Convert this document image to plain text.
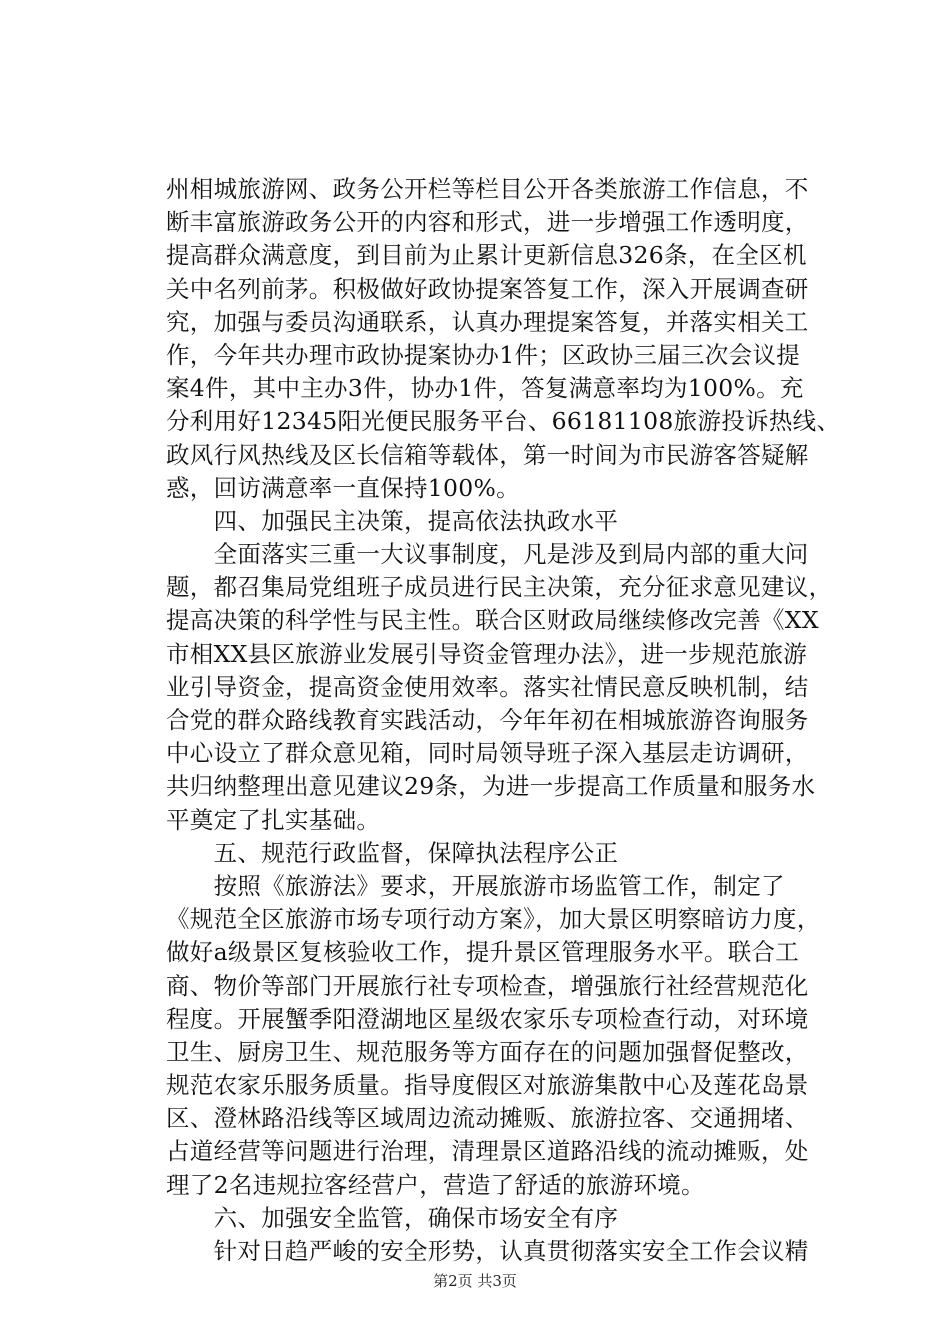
州相城旅游网、政务公开栏等栏目公开各类旅游工作信息，不
断丰富旅游政务公开的内容和形式，进一步增强工作透明度，
提高群众满意度，到目前为止累计更新信息326条，在全区机
关中名列前茅。积极做好政协提案答复工作，深入开展调查研
究，加强与委员沟通联系，认真办理提案答复，并落实相关工
作，今年共办理市政协提案协办1件；区政协三届三次会议提
案4件，其中主办3件，协办1件，答复满意率均为100%。充
分利用好12345阳光便民服务平台、66181108旅游投诉热线、
政风行风热线及区长信箱等载体，第一时间为市民游客答疑解
惑，回访满意率一直保持100%。
　　四、加强民主决策，提高依法执政水平
　　全面落实三重一大议事制度，凡是涉及到局内部的重大问
题，都召集局党组班子成员进行民主决策，充分征求意见建议，
提高决策的科学性与民主性。联合区财政局继续修改完善《XX
市相XX县区旅游业发展引导资金管理办法》，进一步规范旅游
业引导资金，提高资金使用效率。落实社情民意反映机制，结
合党的群众路线教育实践活动，今年年初在相城旅游咨询服务
中心设立了群众意见箱，同时局领导班子深入基层走访调研，
共归纳整理出意见建议29条，为进一步提高工作质量和服务水
平奠定了扎实基础。
　　五、规范行政监督，保障执法程序公正
　　按照《旅游法》要求，开展旅游市场监管工作，制定了
《规范全区旅游市场专项行动方案》，加大景区明察暗访力度，
做好a级景区复核验收工作，提升景区管理服务水平。联合工
商、物价等部门开展旅行社专项检查，增强旅行社经营规范化
程度。开展蟹季阳澄湖地区星级农家乐专项检查行动，对环境
卫生、厨房卫生、规范服务等方面存在的问题加强督促整改，
规范农家乐服务质量。指导度假区对旅游集散中心及莲花岛景
区、澄林路沿线等区域周边流动摊贩、旅游拉客、交通拥堵、
占道经营等问题进行治理，清理景区道路沿线的流动摊贩，处
理了2名违规拉客经营户，营造了舒适的旅游环境。
　　六、加强安全监管，确保市场安全有序
　　针对日趋严峻的安全形势，认真贯彻落实安全工作会议精
第2页 共3页
